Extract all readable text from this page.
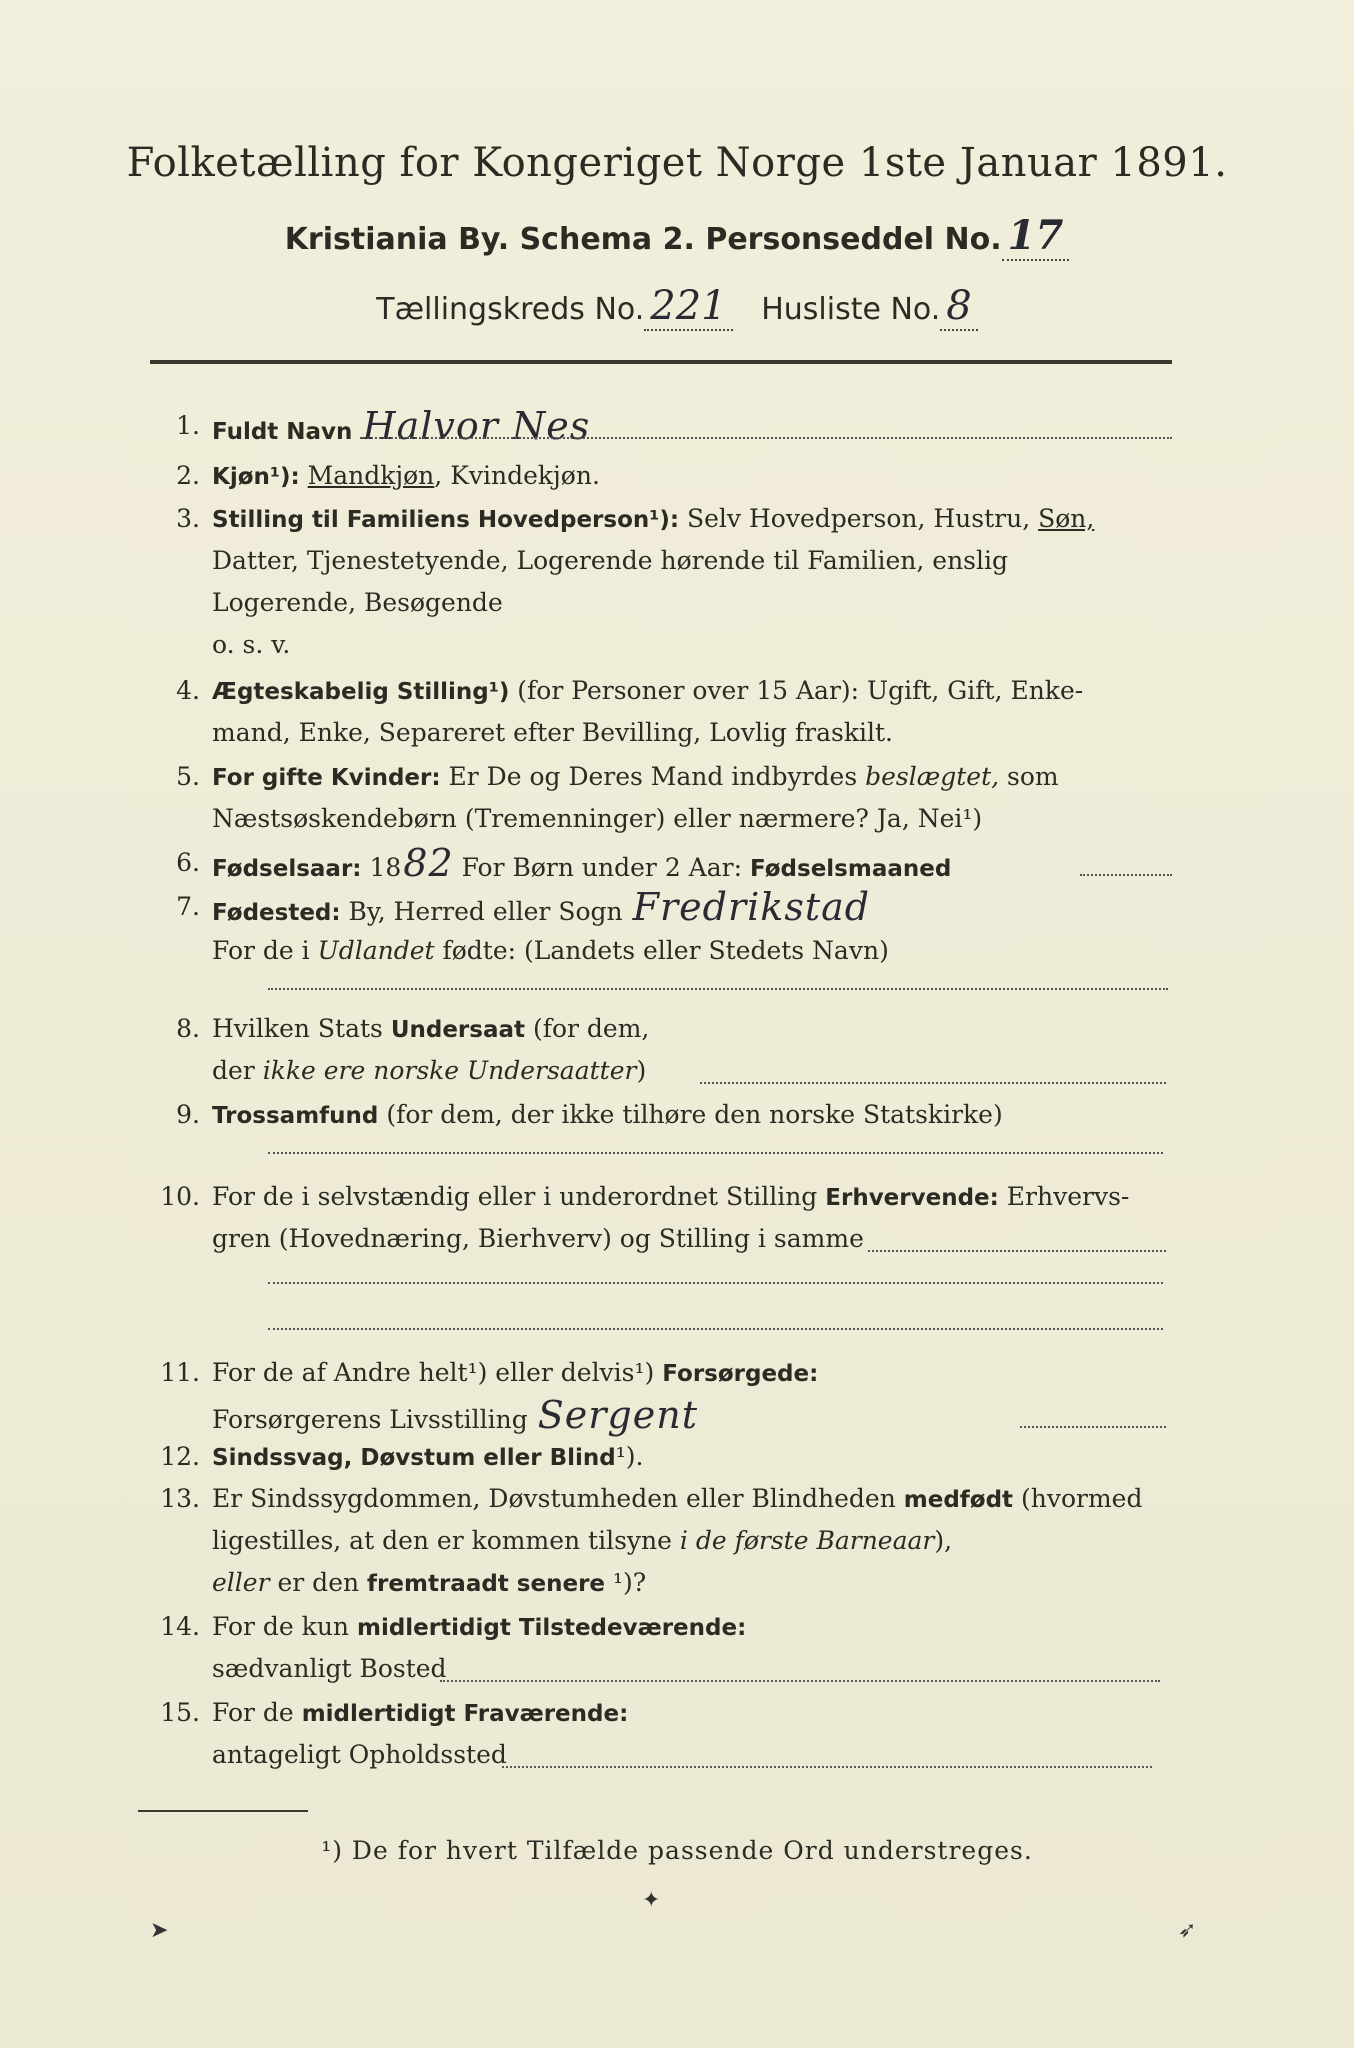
Folketælling for Kongeriget Norge 1ste Januar 1891.
Kristiania By. Schema 2. Personseddel No. 17
Tællingskreds No. 221 Husliste No. 8
1. Fuldt Navn Halvor Nes
2. Kjøn¹): Mandkjøn, Kvindekjøn.
3. Stilling til Familiens Hovedperson¹): Selv Hovedperson, Hustru, Søn,
Datter, Tjenestetyende, Logerende hørende til Familien, enslig
Logerende, Besøgende
o. s. v.
4. Ægteskabelig Stilling¹) (for Personer over 15 Aar): Ugift, Gift, Enke-
mand, Enke, Separeret efter Bevilling, Lovlig fraskilt.
5. For gifte Kvinder: Er De og Deres Mand indbyrdes beslægtet, som
Næstsøskendebørn (Tremenninger) eller nærmere? Ja, Nei¹)
6. Fødselsaar: 1882 For Børn under 2 Aar: Fødselsmaaned
7. Fødested: By, Herred eller Sogn Fredrikstad
For de i Udlandet fødte: (Landets eller Stedets Navn)
8. Hvilken Stats Undersaat (for dem,
der ikke ere norske Undersaatter)
9. Trossamfund (for dem, der ikke tilhøre den norske Statskirke)
10. For de i selvstændig eller i underordnet Stilling Erhvervende: Erhvervs-
gren (Hovednæring, Bierhverv) og Stilling i samme
11. For de af Andre helt¹) eller delvis¹) Forsørgede:
Forsørgerens Livsstilling Sergent
12. Sindssvag, Døvstum eller Blind¹).
13. Er Sindssygdommen, Døvstumheden eller Blindheden medfødt (hvormed
ligestilles, at den er kommen tilsyne i de første Barneaar),
eller er den fremtraadt senere ¹)?
14. For de kun midlertidigt Tilstedeværende:
sædvanligt Bosted
15. For de midlertidigt Fraværende:
antageligt Opholdssted
¹) De for hvert Tilfælde passende Ord understreges.
➤
✦
➶
